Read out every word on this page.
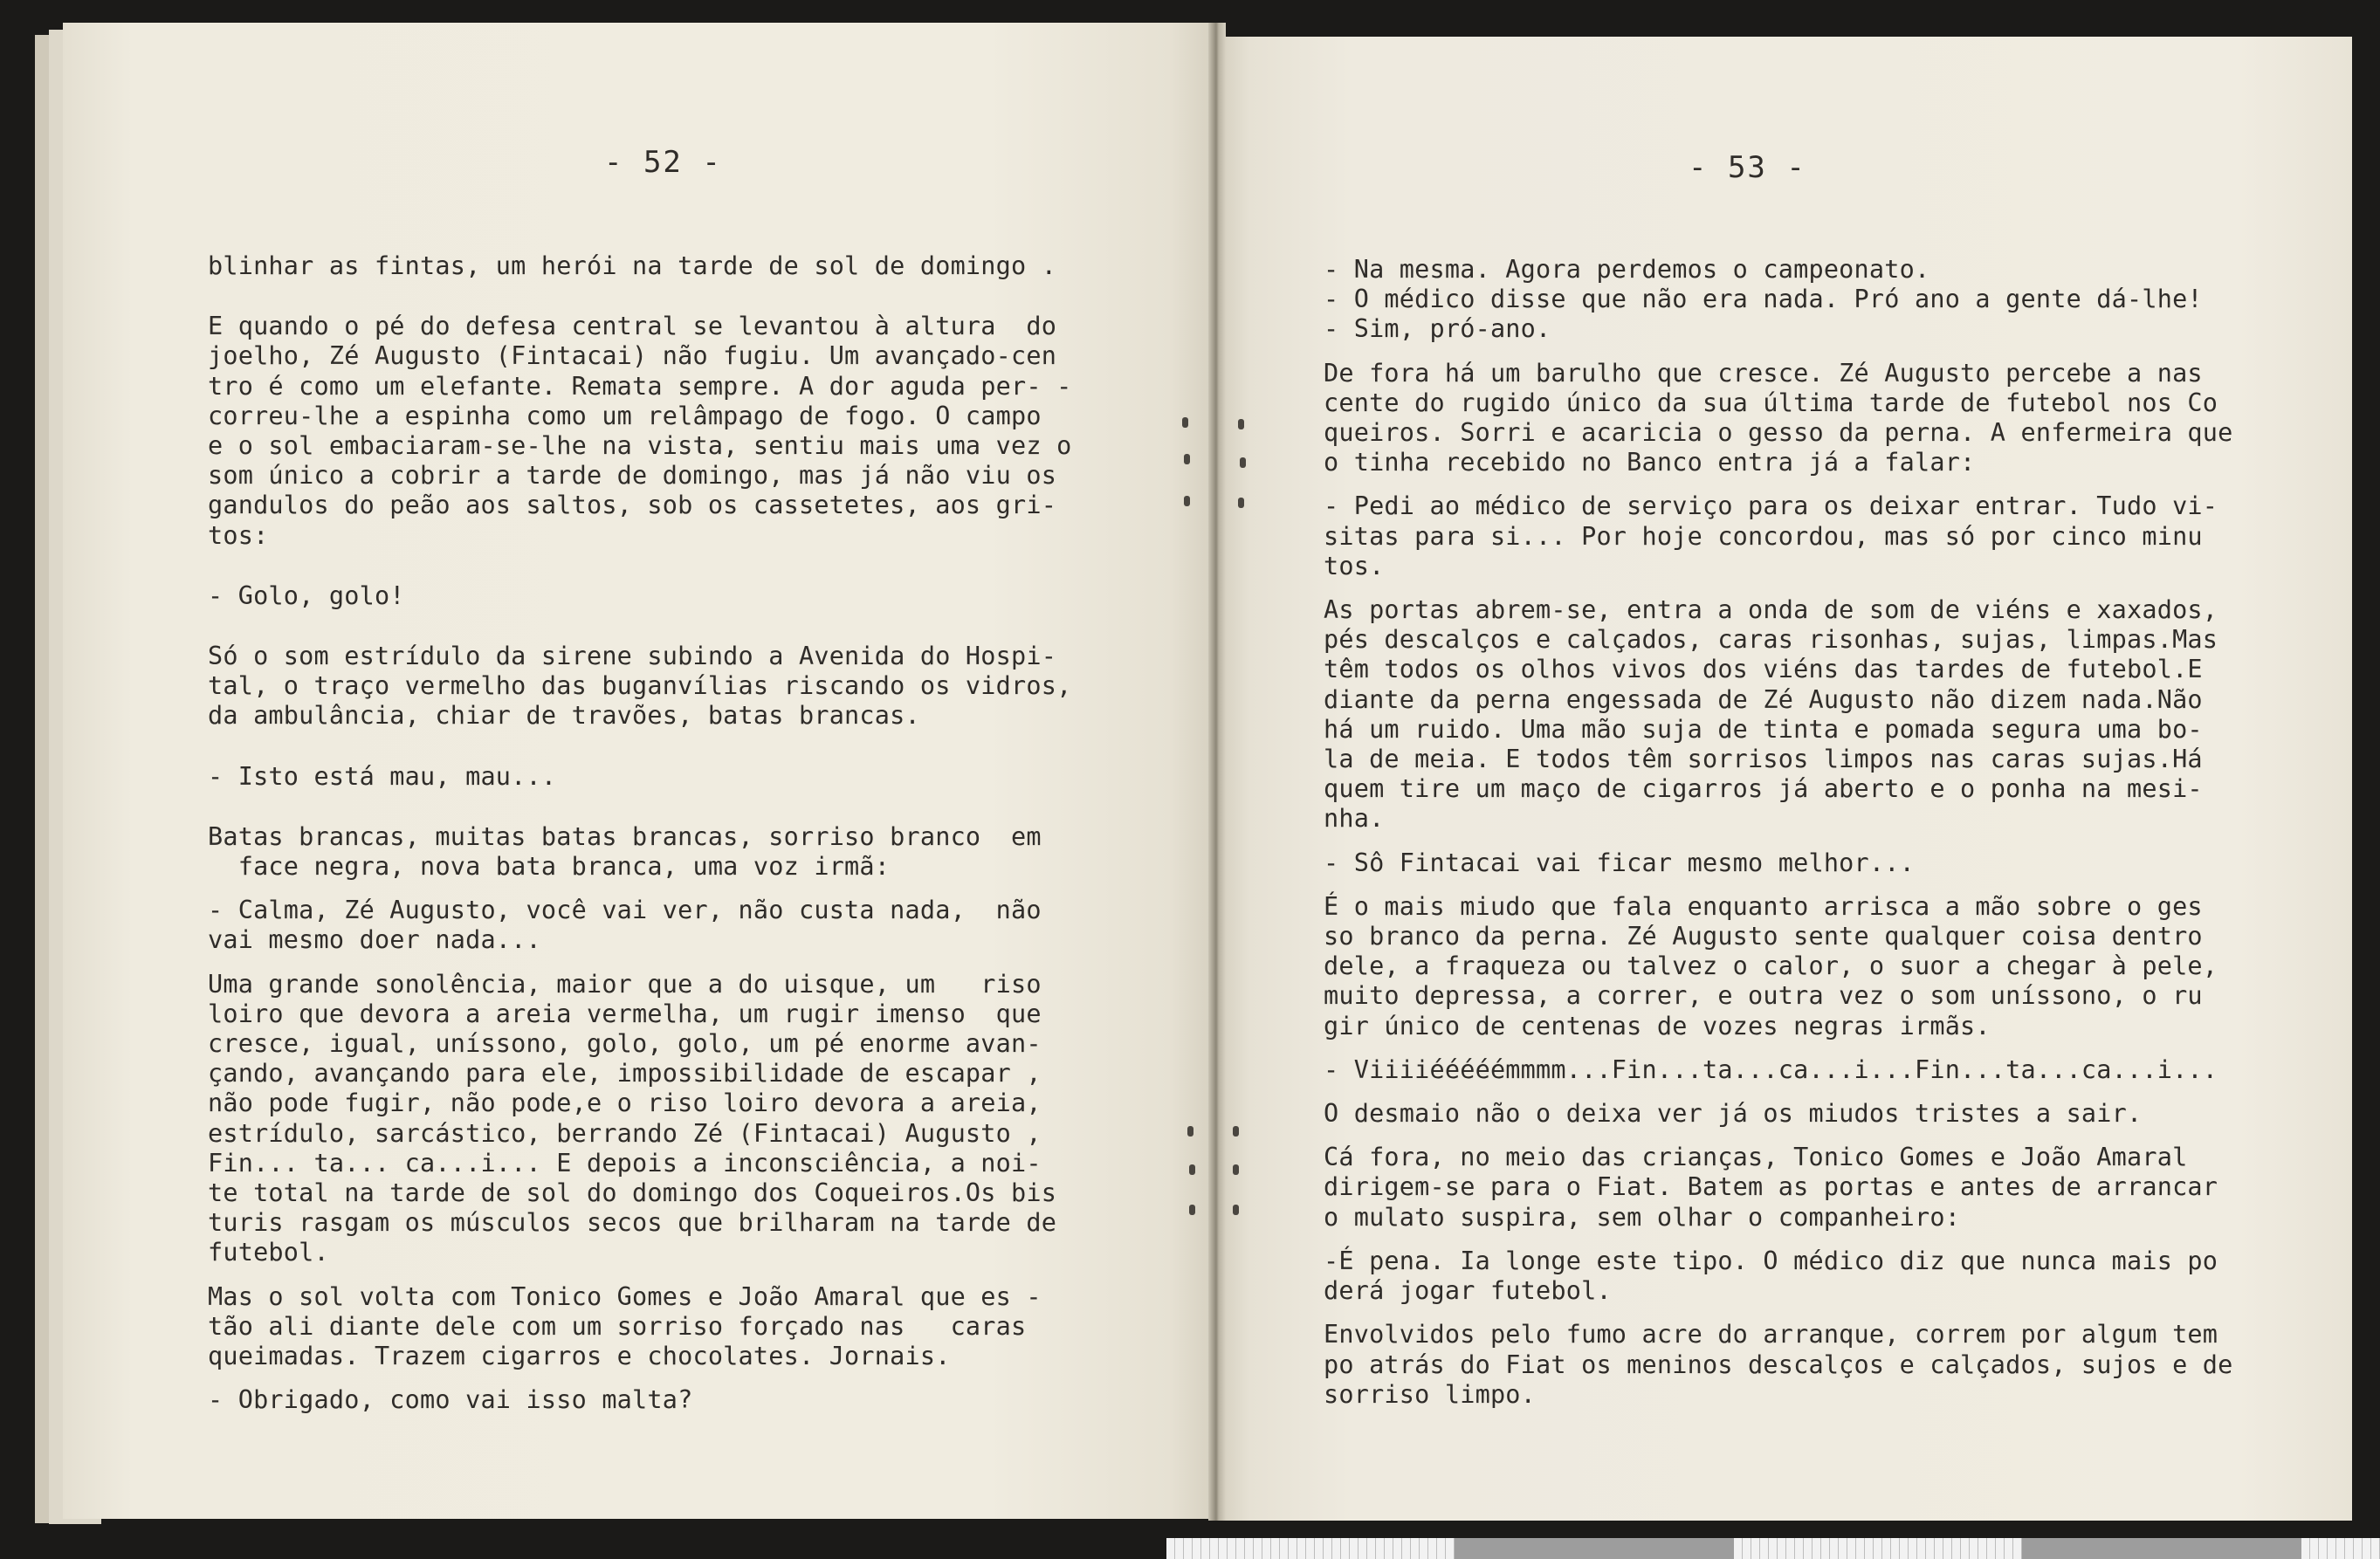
- 52 -

blinhar as fintas, um herói na tarde de sol de domingo .

E quando o pé do defesa central se levantou à altura  do
joelho, Zé Augusto (Fintacai) não fugiu. Um avançado-cen
tro é como um elefante. Remata sempre. A dor aguda per- -
correu-lhe a espinha como um relâmpago de fogo. O campo
e o sol embaciaram-se-lhe na vista, sentiu mais uma vez o
som único a cobrir a tarde de domingo, mas já não viu os
gandulos do peão aos saltos, sob os cassetetes, aos gri-
tos:

- Golo, golo!

Só o som estrídulo da sirene subindo a Avenida do Hospi-
tal, o traço vermelho das buganvílias riscando os vidros,
da ambulância, chiar de travões, batas brancas.

- Isto está mau, mau...

Batas brancas, muitas batas brancas, sorriso branco  em
face negra, nova bata branca, uma voz irmã:

- Calma, Zé Augusto, você vai ver, não custa nada,  não
vai mesmo doer nada...

Uma grande sonolência, maior que a do uisque, um   riso
loiro que devora a areia vermelha, um rugir imenso  que
cresce, igual, uníssono, golo, golo, um pé enorme avan-
çando, avançando para ele, impossibilidade de escapar ,
não pode fugir, não pode,e o riso loiro devora a areia,
estrídulo, sarcástico, berrando Zé (Fintacai) Augusto ,
Fin... ta... ca...i... E depois a inconsciência, a noi-
te total na tarde de sol do domingo dos Coqueiros.Os bis
turis rasgam os músculos secos que brilharam na tarde de
futebol.

Mas o sol volta com Tonico Gomes e João Amaral que es -
tão ali diante dele com um sorriso forçado nas   caras
queimadas. Trazem cigarros e chocolates. Jornais.

- Obrigado, como vai isso malta?

- 53 -

- Na mesma. Agora perdemos o campeonato.
- O médico disse que não era nada. Pró ano a gente dá-lhe!
- Sim, pró-ano.

De fora há um barulho que cresce. Zé Augusto percebe a nas
cente do rugido único da sua última tarde de futebol nos Co
queiros. Sorri e acaricia o gesso da perna. A enfermeira que
o tinha recebido no Banco entra já a falar:

- Pedi ao médico de serviço para os deixar entrar. Tudo vi-
sitas para si... Por hoje concordou, mas só por cinco minu
tos.

As portas abrem-se, entra a onda de som de viéns e xaxados,
pés descalços e calçados, caras risonhas, sujas, limpas.Mas
têm todos os olhos vivos dos viéns das tardes de futebol.E
diante da perna engessada de Zé Augusto não dizem nada.Não
há um ruido. Uma mão suja de tinta e pomada segura uma bo-
la de meia. E todos têm sorrisos limpos nas caras sujas.Há
quem tire um maço de cigarros já aberto e o ponha na mesi-
nha.

- Sô Fintacai vai ficar mesmo melhor...

É o mais miudo que fala enquanto arrisca a mão sobre o ges
so branco da perna. Zé Augusto sente qualquer coisa dentro
dele, a fraqueza ou talvez o calor, o suor a chegar à pele,
muito depressa, a correr, e outra vez o som uníssono, o ru
gir único de centenas de vozes negras irmãs.

- Viiiiééééémmmm...Fin...ta...ca...i...Fin...ta...ca...i...

O desmaio não o deixa ver já os miudos tristes a sair.

Cá fora, no meio das crianças, Tonico Gomes e João Amaral
dirigem-se para o Fiat. Batem as portas e antes de arrancar
o mulato suspira, sem olhar o companheiro:

-É pena. Ia longe este tipo. O médico diz que nunca mais po
derá jogar futebol.

Envolvidos pelo fumo acre do arranque, correm por algum tem
po atrás do Fiat os meninos descalços e calçados, sujos e de
sorriso limpo.
